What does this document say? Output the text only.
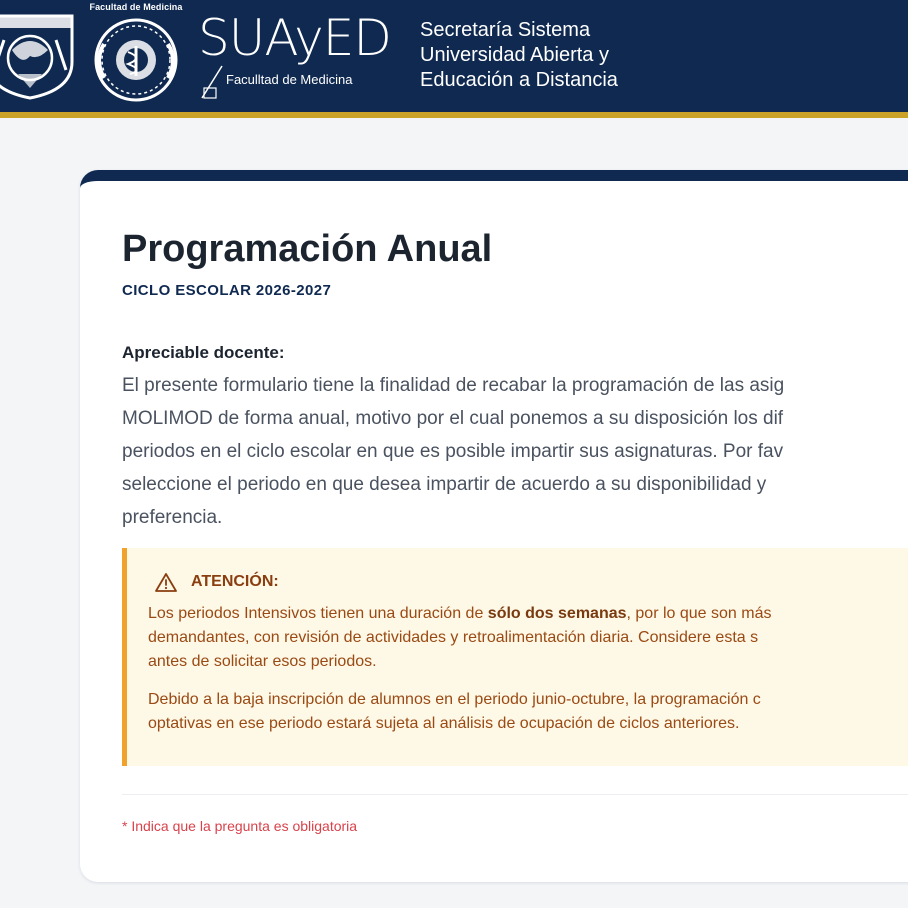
Facultad de Medicina
SUAyED
Faculltad de Medicina
Secretaría Sistema
Universidad Abierta y
Educación a Distancia
Programación Anual
CICLO ESCOLAR 2026-2027
Apreciable docente:
El presente formulario tiene la finalidad de recabar la programación de las asig
MOLIMOD de forma anual, motivo por el cual ponemos a su disposición los dif
periodos en el ciclo escolar en que es posible impartir sus asignaturas. Por fav
seleccione el periodo en que desea impartir de acuerdo a su disponibilidad y
preferencia.
ATENCIÓN:
Los periodos Intensivos tienen una duración de sólo dos semanas, por lo que son más
demandantes, con revisión de actividades y retroalimentación diaria. Considere esta s
antes de solicitar esos periodos.
Debido a la baja inscripción de alumnos en el periodo junio-octubre, la programación c
optativas en ese periodo estará sujeta al análisis de ocupación de ciclos anteriores.
* Indica que la pregunta es obligatoria
